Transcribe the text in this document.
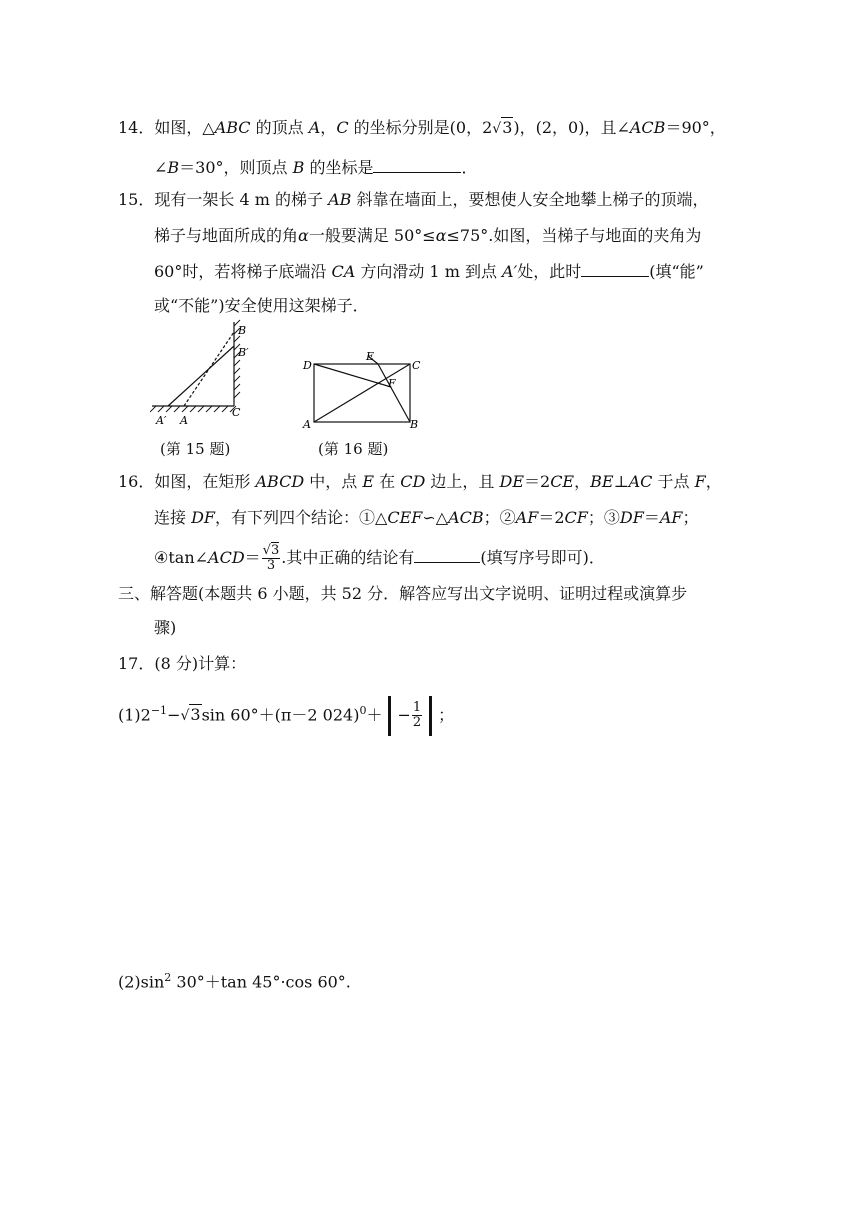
14．如图，△ABC 的顶点 A，C 的坐标分别是(0，2√3)，(2，0)，且∠ACB＝90°，
∠B＝30°，则顶点 B 的坐标是	．
15．现有一架长 4 m 的梯子 AB 斜靠在墙面上，要想使人安全地攀上梯子的顶端，
梯子与地面所成的角α一般要满足 50°≤α≤75°.如图，当梯子与地面的夹角为
60°时，若将梯子底端沿 CA 方向滑动 1 m 到点 A′处，此时	(填“能”
或“不能”)安全使用这架梯子．
B
B′
A′ A
C
D
E
C
F
A	B
(第 15 题)	(第 16 题)
16．如图，在矩形 ABCD 中，点 E 在 CD 边上，且 DE＝2CE，BE⊥AC 于点 F，
连接 DF，有下列四个结论：①△CEF∽△ACB；②AF＝2CF；③DF＝AF；
④tan∠ACD＝ $\frac{√3}{3}$ .其中正确的结论有	(填写序号即可)．
三、解答题(本题共 6 小题，共 52 分．解答应写出文字说明、证明过程或演算步
骤)
17．(8 分)计算：
$(1)2^{-1}-√3\sin$ 60°＋(π－2 $024)^0+ - \frac{1}{2}$ ；
$(2)\sin^2$ 30°＋tan 45°·cos 60°.
